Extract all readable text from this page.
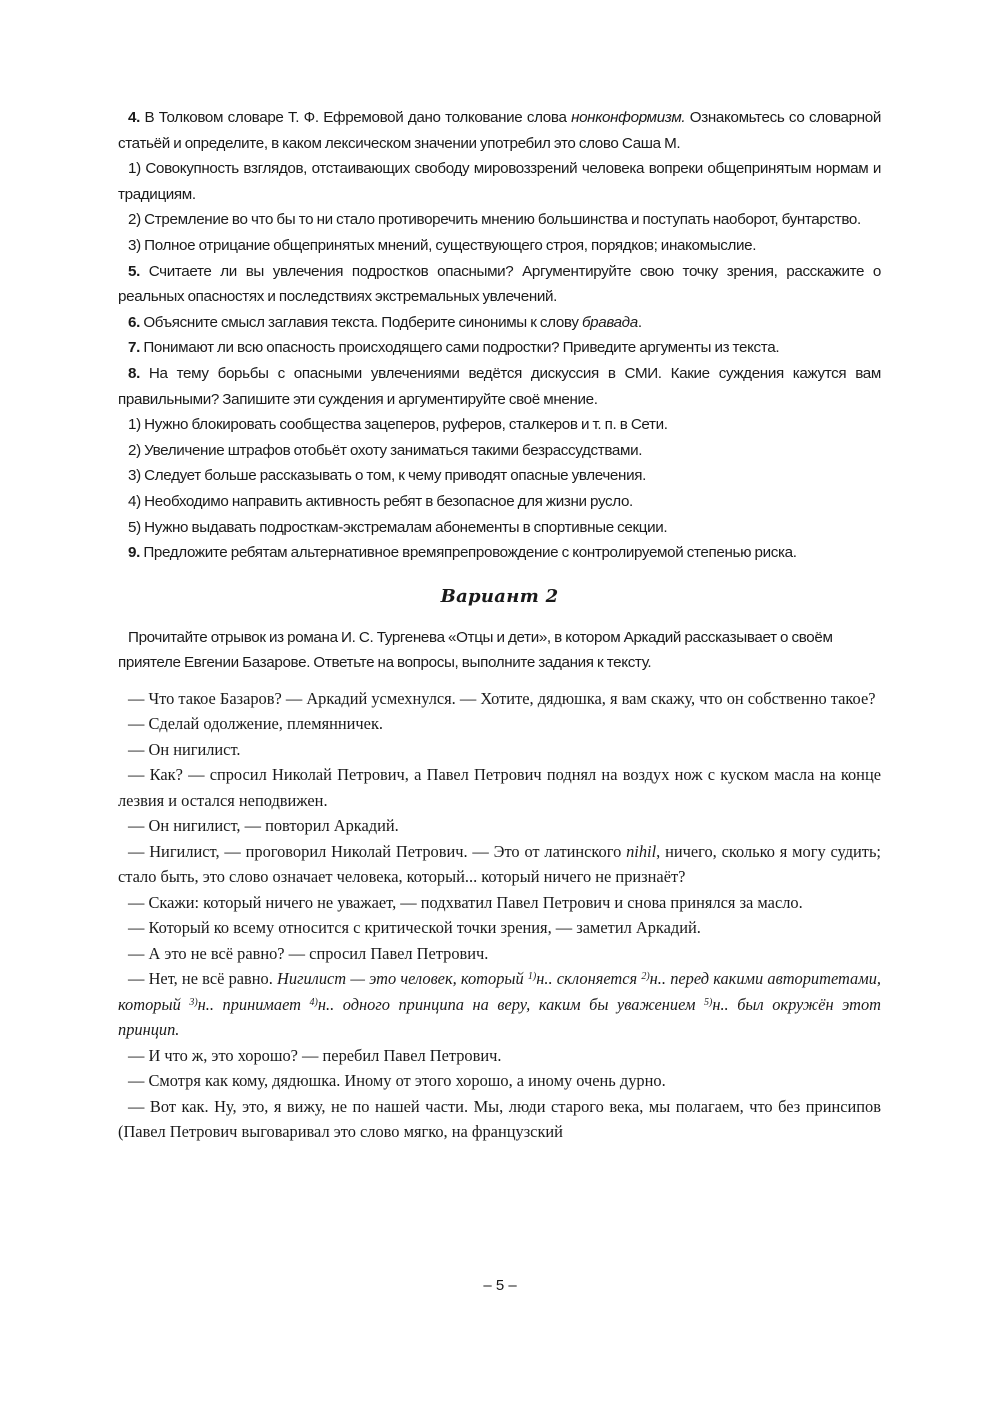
4. В Толковом словаре Т. Ф. Ефремовой дано толкование слова нонконформизм. Ознакомьтесь со словарной статьёй и определите, в каком лексическом значении употребил это слово Саша М.

1) Совокупность взглядов, отстаивающих свободу мировоззрений человека вопреки общепринятым нормам и традициям.

2) Стремление во что бы то ни стало противоречить мнению большинства и поступать наоборот, бунтарство.

3) Полное отрицание общепринятых мнений, существующего строя, порядков; инакомыслие.

5. Считаете ли вы увлечения подростков опасными? Аргументируйте свою точку зрения, расскажите о реальных опасностях и последствиях экстремальных увлечений.

6. Объясните смысл заглавия текста. Подберите синонимы к слову бравада.

7. Понимают ли всю опасность происходящего сами подростки? Приведите аргументы из текста.

8. На тему борьбы с опасными увлечениями ведётся дискуссия в СМИ. Какие суждения кажутся вам правильными? Запишите эти суждения и аргументируйте своё мнение.

1) Нужно блокировать сообщества зацеперов, руферов, сталкеров и т. п. в Сети.

2) Увеличение штрафов отобьёт охоту заниматься такими безрассудствами.

3) Следует больше рассказывать о том, к чему приводят опасные увлечения.

4) Необходимо направить активность ребят в безопасное для жизни русло.

5) Нужно выдавать подросткам-экстремалам абонементы в спортивные секции.

9. Предложите ребятам альтернативное времяпрепровождение с контролируемой степенью риска.

Вариант 2

Прочитайте отрывок из романа И. С. Тургенева «Отцы и дети», в котором Аркадий рассказывает о своём приятеле Евгении Базарове. Ответьте на вопросы, выполните задания к тексту.

— Что такое Базаров? — Аркадий усмехнулся. — Хотите, дядюшка, я вам скажу, что он собственно такое?

— Сделай одолжение, племянничек.

— Он нигилист.

— Как? — спросил Николай Петрович, а Павел Петрович поднял на воздух нож с куском масла на конце лезвия и остался неподвижен.

— Он нигилист, — повторил Аркадий.

— Нигилист, — проговорил Николай Петрович. — Это от латинского nihil, ничего, сколько я могу судить; стало быть, это слово означает человека, который... который ничего не признаёт?

— Скажи: который ничего не уважает, — подхватил Павел Петрович и снова принялся за масло.

— Который ко всему относится с критической точки зрения, — заметил Аркадий.

— А это не всё равно? — спросил Павел Петрович.

— Нет, не всё равно. Нигилист — это человек, который $^{1)}$н.. склоняется $^{2)}$н.. перед какими авторитетами, который $^{3)}$н.. принимает $^{4)}$н.. одного принципа на веру, каким бы уважением $^{5)}$н.. был окружён этот принцип.

— И что ж, это хорошо? — перебил Павел Петрович.

— Смотря как кому, дядюшка. Иному от этого хорошо, а иному очень дурно.

— Вот как. Ну, это, я вижу, не по нашей части. Мы, люди старого века, мы полагаем, что без принсипов (Павел Петрович выговаривал это слово мягко, на французский

– 5 –
